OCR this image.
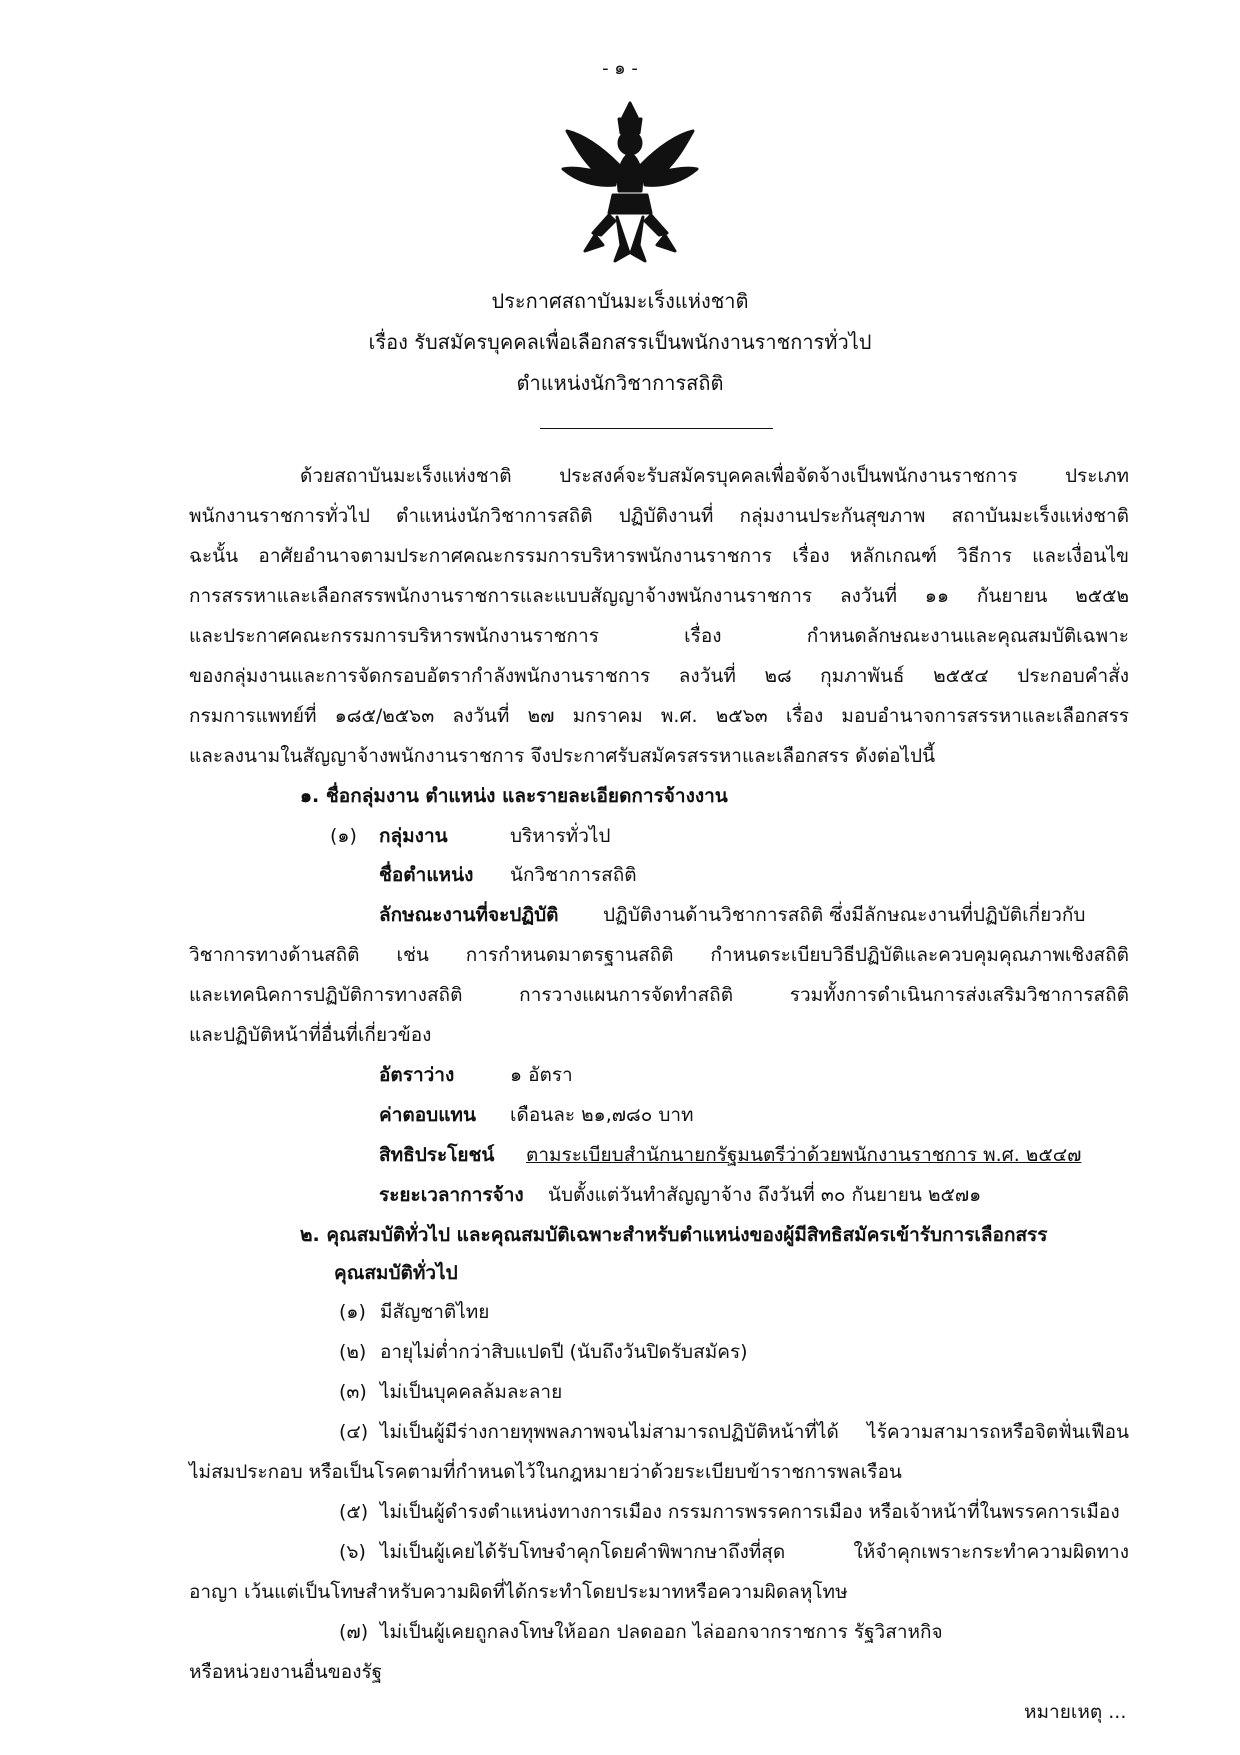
- ๑ -
ประกาศสถาบันมะเร็งแห่งชาติ
เรื่อง รับสมัครบุคคลเพื่อเลือกสรรเป็นพนักงานราชการทั่วไป
ตำแหน่งนักวิชาการสถิติ
ด้วยสถาบันมะเร็งแห่งชาติ ประสงค์จะรับสมัครบุคคลเพื่อจัดจ้างเป็นพนักงานราชการ ประเภท
พนักงานราชการทั่วไป ตำแหน่งนักวิชาการสถิติ ปฏิบัติงานที่ กลุ่มงานประกันสุขภาพ สถาบันมะเร็งแห่งชาติ
ฉะนั้น อาศัยอำนาจตามประกาศคณะกรรมการบริหารพนักงานราชการ เรื่อง หลักเกณฑ์ วิธีการ และเงื่อนไข
การสรรหาและเลือกสรรพนักงานราชการและแบบสัญญาจ้างพนักงานราชการ ลงวันที่ ๑๑ กันยายน ๒๕๕๒
และประกาศคณะกรรมการบริหารพนักงานราชการ เรื่อง กำหนดลักษณะงานและคุณสมบัติเฉพาะ
ของกลุ่มงานและการจัดกรอบอัตรากำลังพนักงานราชการ ลงวันที่ ๒๘ กุมภาพันธ์ ๒๕๕๔ ประกอบคำสั่ง
กรมการแพทย์ที่ ๑๘๕/๒๕๖๓ ลงวันที่ ๒๗ มกราคม พ.ศ. ๒๕๖๓ เรื่อง มอบอำนาจการสรรหาและเลือกสรร
และลงนามในสัญญาจ้างพนักงานราชการ จึงประกาศรับสมัครสรรหาและเลือกสรร ดังต่อไปนี้
๑. ชื่อกลุ่มงาน ตำแหน่ง และรายละเอียดการจ้างงาน
(๑) กลุ่มงาน	บริหารทั่วไป
ชื่อตำแหน่ง นักวิชาการสถิติ
ลักษณะงานที่จะปฏิบัติ ปฏิบัติงานด้านวิชาการสถิติ ซึ่งมีลักษณะงานที่ปฏิบัติเกี่ยวกับ
วิชาการทางด้านสถิติ เช่น การกำหนดมาตรฐานสถิติ กำหนดระเบียบวิธีปฏิบัติและควบคุมคุณภาพเชิงสถิติ
และเทคนิคการปฏิบัติการทางสถิติ การวางแผนการจัดทำสถิติ รวมทั้งการดำเนินการส่งเสริมวิชาการสถิติ
และปฏิบัติหน้าที่อื่นที่เกี่ยวข้อง
อัตราว่าง	๑ อัตรา
ค่าตอบแทน เดือนละ ๒๑,๗๘๐ บาท
สิทธิประโยชน์ ตามระเบียบสำนักนายกรัฐมนตรีว่าด้วยพนักงานราชการ พ.ศ. ๒๕๔๗
ระยะเวลาการจ้าง นับตั้งแต่วันทำสัญญาจ้าง ถึงวันที่ ๓๐ กันยายน ๒๕๗๑
๒. คุณสมบัติทั่วไป และคุณสมบัติเฉพาะสำหรับตำแหน่งของผู้มีสิทธิสมัครเข้ารับการเลือกสรร
คุณสมบัติทั่วไป
(๑) มีสัญชาติไทย
(๒) อายุไม่ต่ำกว่าสิบแปดปี (นับถึงวันปิดรับสมัคร)
(๓) ไม่เป็นบุคคลล้มละลาย
(๔) ไม่เป็นผู้มีร่างกายทุพพลภาพจนไม่สามารถปฏิบัติหน้าที่ได้ ไร้ความสามารถหรือจิตฟั่นเฟือน
ไม่สมประกอบ หรือเป็นโรคตามที่กำหนดไว้ในกฎหมายว่าด้วยระเบียบข้าราชการพลเรือน
(๕) ไม่เป็นผู้ดำรงตำแหน่งทางการเมือง กรรมการพรรคการเมือง หรือเจ้าหน้าที่ในพรรคการเมือง
(๖) ไม่เป็นผู้เคยได้รับโทษจำคุกโดยคำพิพากษาถึงที่สุด ให้จำคุกเพราะกระทำความผิดทาง
อาญา เว้นแต่เป็นโทษสำหรับความผิดที่ได้กระทำโดยประมาทหรือความผิดลหุโทษ
(๗) ไม่เป็นผู้เคยถูกลงโทษให้ออก ปลดออก ไล่ออกจากราชการ รัฐวิสาหกิจ
หรือหน่วยงานอื่นของรัฐ
หมายเหตุ ...
